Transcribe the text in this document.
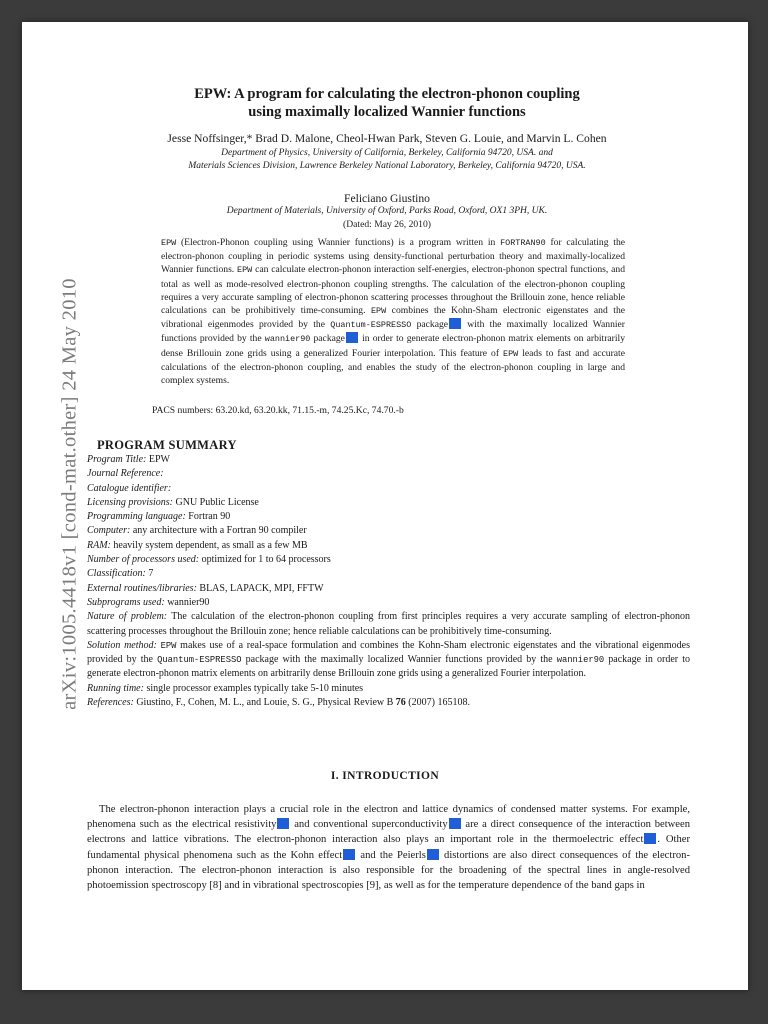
arXiv:1005.4418v1 [cond-mat.other] 24 May 2010
EPW: A program for calculating the electron-phonon coupling
using maximally localized Wannier functions
Jesse Noffsinger,* Brad D. Malone, Cheol-Hwan Park, Steven G. Louie, and Marvin L. Cohen
Department of Physics, University of California, Berkeley, California 94720, USA. and
Materials Sciences Division, Lawrence Berkeley National Laboratory, Berkeley, California 94720, USA.
Feliciano Giustino
Department of Materials, University of Oxford, Parks Road, Oxford, OX1 3PH, UK.
(Dated: May 26, 2010)
EPW (Electron-Phonon coupling using Wannier functions) is a program written in FORTRAN90 for calculating the electron-phonon coupling in periodic systems using density-functional perturbation theory and maximally-localized Wannier functions. EPW can calculate electron-phonon interaction self-energies, electron-phonon spectral functions, and total as well as mode-resolved electron-phonon coupling strengths. The calculation of the electron-phonon coupling requires a very accurate sampling of electron-phonon scattering processes throughout the Brillouin zone, hence reliable calculations can be prohibitively time-consuming. EPW combines the Kohn-Sham electronic eigenstates and the vibrational eigenmodes provided by the Quantum-ESPRESSO package with the maximally localized Wannier functions provided by the wannier90 package in order to generate electron-phonon matrix elements on arbitrarily dense Brillouin zone grids using a generalized Fourier interpolation. This feature of EPW leads to fast and accurate calculations of the electron-phonon coupling, and enables the study of the electron-phonon coupling in large and complex systems.
PACS numbers: 63.20.kd, 63.20.kk, 71.15.-m, 74.25.Kc, 74.70.-b
PROGRAM SUMMARY
Program Title: EPW
Journal Reference:
Catalogue identifier:
Licensing provisions: GNU Public License
Programming language: Fortran 90
Computer: any architecture with a Fortran 90 compiler
RAM: heavily system dependent, as small as a few MB
Number of processors used: optimized for 1 to 64 processors
Classification: 7
External routines/libraries: BLAS, LAPACK, MPI, FFTW
Subprograms used: wannier90
Nature of problem: The calculation of the electron-phonon coupling from first principles requires a very accurate sampling of electron-phonon scattering processes throughout the Brillouin zone; hence reliable calculations can be prohibitively time-consuming.
Solution method: EPW makes use of a real-space formulation and combines the Kohn-Sham electronic eigenstates and the vibrational eigenmodes provided by the Quantum-ESPRESSO package with the maximally localized Wannier functions provided by the wannier90 package in order to generate electron-phonon matrix elements on arbitrarily dense Brillouin zone grids using a generalized Fourier interpolation.
Running time: single processor examples typically take 5-10 minutes
References: Giustino, F., Cohen, M. L., and Louie, S. G., Physical Review B 76 (2007) 165108.
I. INTRODUCTION
The electron-phonon interaction plays a crucial role in the electron and lattice dynamics of condensed matter systems. For example, phenomena such as the electrical resistivity and conventional superconductivity are a direct consequence of the interaction between electrons and lattice vibrations. The electron-phonon interaction also plays an important role in the thermoelectric effect . Other fundamental physical phenomena such as the Kohn effect and the Peierls distortions are also direct consequences of the electron-phonon interaction. The electron-phonon interaction is also responsible for the broadening of the spectral lines in angle-resolved photoemission spectroscopy [8] and in vibrational spectroscopies [9], as well as for the temperature dependence of the band gaps in
